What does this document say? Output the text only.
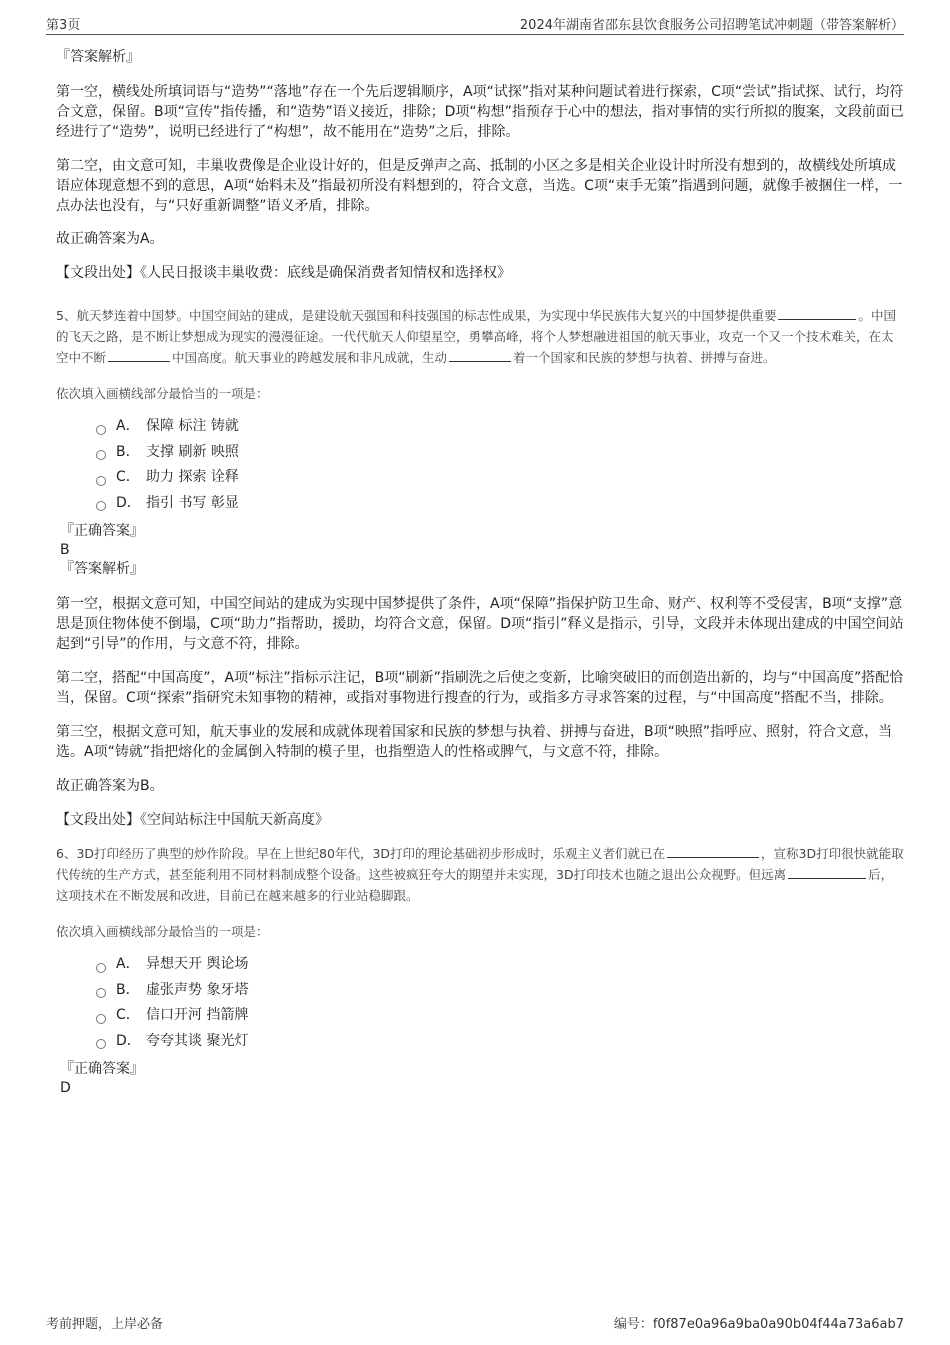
第3页	2024年湖南省邵东县饮食服务公司招聘笔试冲刺题（带答案解析）

『答案解析』

第一空，横线处所填词语与“造势”“落地”存在一个先后逻辑顺序，A项“试探”指对某种问题试着进行探索，C项“尝试”指试探、试行，均符合文意，保留。B项“宣传”指传播，和“造势”语义接近，排除；D项“构想”指预存于心中的想法，指对事情的实行所拟的腹案，文段前面已经进行了“造势”，说明已经进行了“构想”，故不能用在“造势”之后，排除。

第二空，由文意可知，丰巢收费像是企业设计好的，但是反弹声之高、抵制的小区之多是相关企业设计时所没有想到的，故横线处所填成语应体现意想不到的意思，A项“始料未及”指最初所没有料想到的，符合文意，当选。C项“束手无策”指遇到问题，就像手被捆住一样，一点办法也没有，与“只好重新调整”语义矛盾，排除。

故正确答案为A。

【文段出处】《人民日报谈丰巢收费：底线是确保消费者知情权和选择权》

5、航天梦连着中国梦。中国空间站的建成，是建设航天强国和科技强国的标志性成果，为实现中华民族伟大复兴的中国梦提供重要	。中国的飞天之路，是不断让梦想成为现实的漫漫征途。一代代航天人仰望星空，勇攀高峰，将个人梦想融进祖国的航天事业，攻克一个又一个技术难关，在太空中不断	中国高度。航天事业的跨越发展和非凡成就，生动	着一个国家和民族的梦想与执着、拼搏与奋进。

依次填入画横线部分最恰当的一项是：

A． 保障 标注 铸就
B． 支撑 刷新 映照
C． 助力 探索 诠释
D． 指引 书写 彰显

『正确答案』

B

『答案解析』

第一空，根据文意可知，中国空间站的建成为实现中国梦提供了条件，A项“保障”指保护防卫生命、财产、权利等不受侵害，B项“支撑”意思是顶住物体使不倒塌，C项“助力”指帮助，援助，均符合文意，保留。D项“指引”释义是指示，引导，文段并未体现出建成的中国空间站起到“引导”的作用，与文意不符，排除。

第二空，搭配“中国高度”，A项“标注”指标示注记，B项“刷新”指刷洗之后使之变新，比喻突破旧的而创造出新的，均与“中国高度”搭配恰当，保留。C项“探索”指研究未知事物的精神，或指对事物进行搜查的行为，或指多方寻求答案的过程，与“中国高度”搭配不当，排除。

第三空，根据文意可知，航天事业的发展和成就体现着国家和民族的梦想与执着、拼搏与奋进，B项“映照”指呼应、照射，符合文意，当选。A项“铸就”指把熔化的金属倒入特制的模子里，也指塑造人的性格或脾气，与文意不符，排除。

故正确答案为B。

【文段出处】《空间站标注中国航天新高度》

6、3D打印经历了典型的炒作阶段。早在上世纪80年代，3D打印的理论基础初步形成时，乐观主义者们就已在	，宣称3D打印很快就能取代传统的生产方式，甚至能利用不同材料制成整个设备。这些被疯狂夸大的期望并未实现，3D打印技术也随之退出公众视野。但远离	后，这项技术在不断发展和改进，目前已在越来越多的行业站稳脚跟。

依次填入画横线部分最恰当的一项是：

A． 异想天开 舆论场
B． 虚张声势 象牙塔
C． 信口开河 挡箭牌
D． 夸夸其谈 聚光灯

『正确答案』

D

考前押题，上岸必备	编号：f0f87e0a96a9ba0a90b04f44a73a6ab7
